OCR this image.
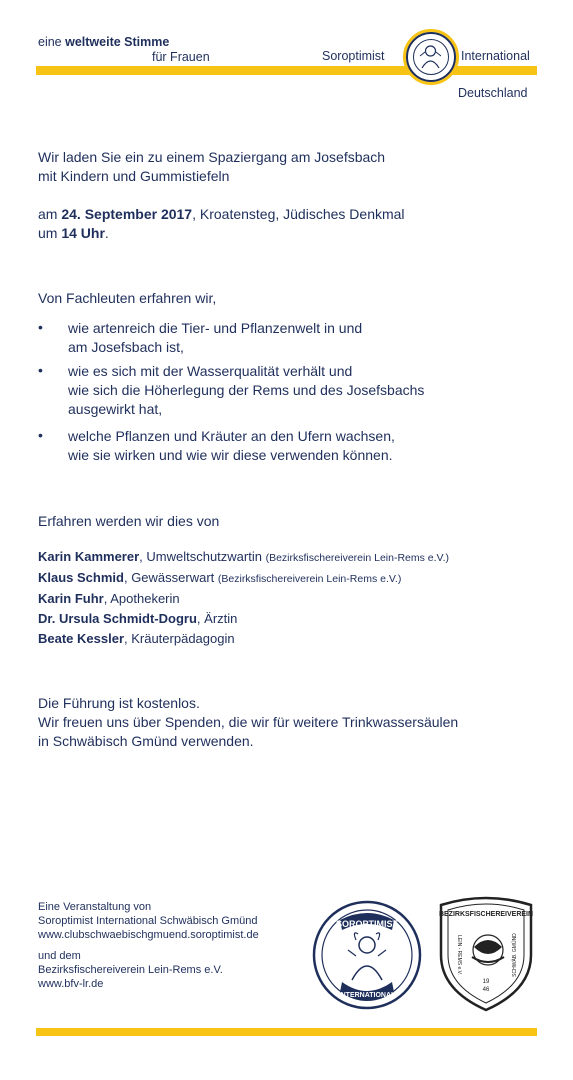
eine weltweite Stimme
für Frauen	Soroptimist	International
Deutschland
Wir laden Sie ein zu einem Spaziergang am Josefsbach
mit Kindern und Gummistiefeln
am 24. September 2017, Kroatensteg, Jüdisches Denkmal
um 14 Uhr.
Von Fachleuten erfahren wir,
• wie artenreich die Tier- und Pflanzenwelt in und
am Josefsbach ist,
• wie es sich mit der Wasserqualität verhält und
wie sich die Höherlegung der Rems und des Josefsbachs
ausgewirkt hat,
• welche Pflanzen und Kräuter an den Ufern wachsen,
wie sie wirken und wie wir diese verwenden können.
Erfahren werden wir dies von
Karin Kammerer, Umweltschutzwartin (Bezirksfischereiverein Lein-Rems e.V.)
Klaus Schmid, Gewässerwart (Bezirksfischereiverein Lein-Rems e.V.)
Karin Fuhr, Apothekerin
Dr. Ursula Schmidt-Dogru, Ärztin
Beate Kessler, Kräuterpädagogin
Die Führung ist kostenlos.
Wir freuen uns über Spenden, die wir für weitere Trinkwassersäulen
in Schwäbisch Gmünd verwenden.
Eine Veranstaltung von
Soroptimist International Schwäbisch Gmünd
www.clubschwaebischgmuend.soroptimist.de
und dem
Bezirksfischereiverein Lein-Rems e.V.
www.bfv-lr.de
SOROPTIMIST
INTERNATIONAL
BEZIRKSFISCHEREIVEREIN
LEIN - REMS e.V.	SCHWÄB. GMÜND
19
46
